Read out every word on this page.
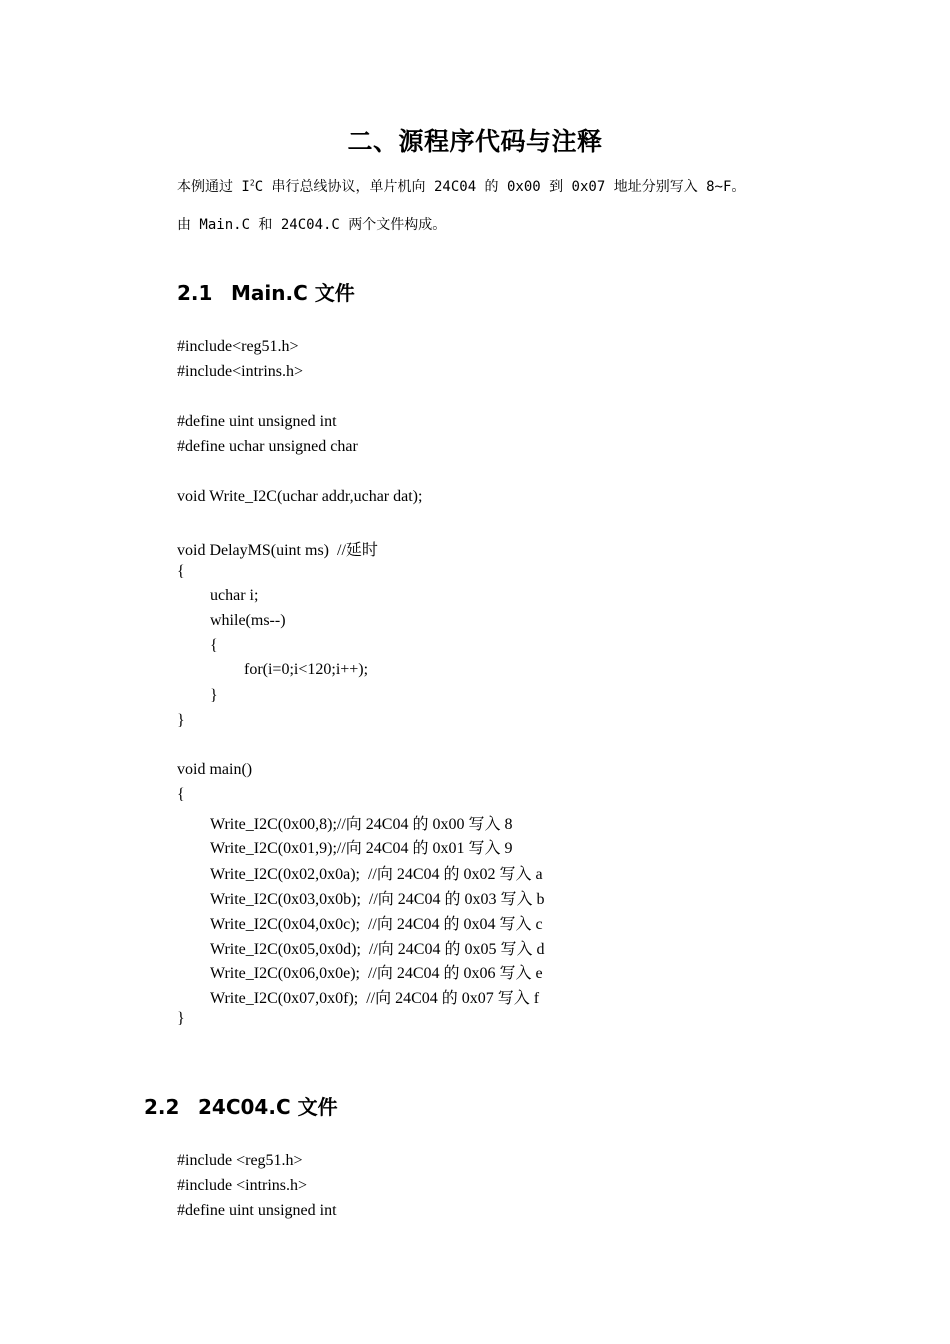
二、源程序代码与注释
本例通过 $I^2C$ 串行总线协议，单片机向 24C04 的 0x00 到 0x07 地址分别写入 8~F。
由 Main.C 和 24C04.C 两个文件构成。
2.1 Main.C 文件
#include<reg51.h>
#include<intrins.h>
#define uint unsigned int
#define uchar unsigned char
void Write_I2C(uchar addr,uchar dat);
void DelayMS(uint ms)  //延时
{
uchar i;
while(ms--)
{
for(i=0;i<120;i++);
}
}
void main()
{
Write_I2C(0x00,8);//向 24C04 的 0x00 写入 8
Write_I2C(0x01,9);//向 24C04 的 0x01 写入 9
Write_I2C(0x02,0x0a);  //向 24C04 的 0x02 写入 a
Write_I2C(0x03,0x0b);  //向 24C04 的 0x03 写入 b
Write_I2C(0x04,0x0c);  //向 24C04 的 0x04 写入 c
Write_I2C(0x05,0x0d);  //向 24C04 的 0x05 写入 d
Write_I2C(0x06,0x0e);  //向 24C04 的 0x06 写入 e
Write_I2C(0x07,0x0f);  //向 24C04 的 0x07 写入 f
}
2.2 24C04.C 文件
#include <reg51.h>
#include <intrins.h>
#define uint unsigned int
